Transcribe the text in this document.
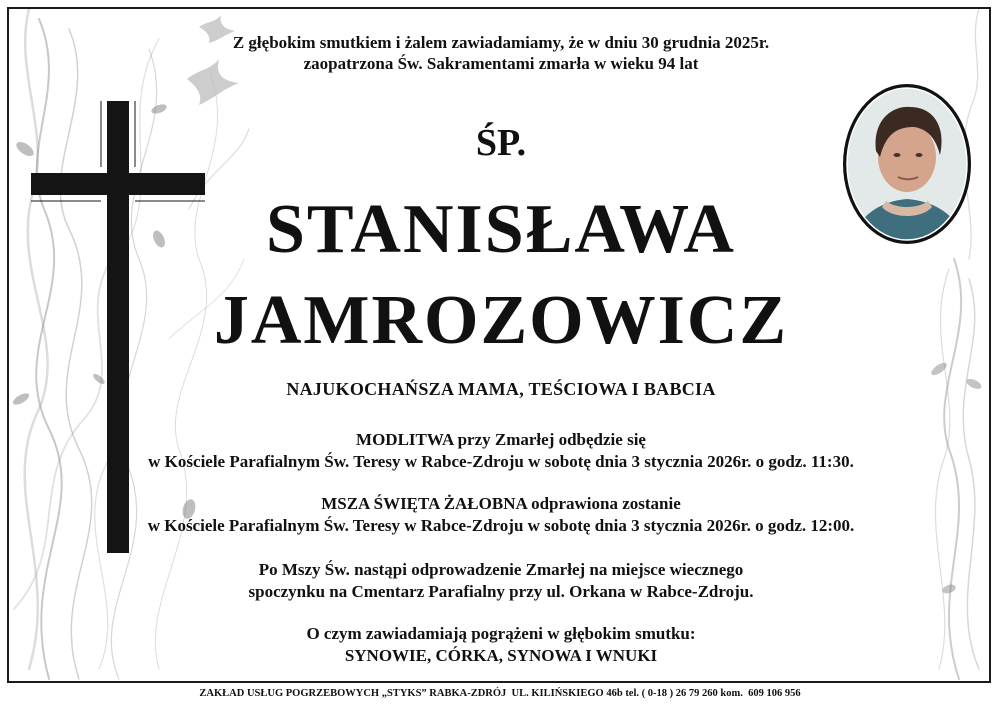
Z głębokim smutkiem i żalem zawiadamiamy, że w dniu 30 grudnia 2025r.
zaopatrzona Św. Sakramentami zmarła w wieku 94 lat
ŚP.
STANISŁAWA
JAMROZOWICZ
NAJUKOCHAŃSZA MAMA, TEŚCIOWA I BABCIA
MODLITWA przy Zmarłej odbędzie się
w Kościele Parafialnym Św. Teresy w Rabce-Zdroju w sobotę dnia 3 stycznia 2026r. o godz. 11:30.
MSZA ŚWIĘTA ŻAŁOBNA odprawiona zostanie
w Kościele Parafialnym Św. Teresy w Rabce-Zdroju w sobotę dnia 3 stycznia 2026r. o godz. 12:00.
Po Mszy Św. nastąpi odprowadzenie Zmarłej na miejsce wiecznego
spoczynku na Cmentarz Parafialny przy ul. Orkana w Rabce-Zdroju.
O czym zawiadamiają pogrążeni w głębokim smutku:
SYNOWIE, CÓRKA, SYNOWA I WNUKI
ZAKŁAD USŁUG POGRZEBOWYCH „STYKS” RABKA-ZDRÓJ  UL. KILIŃSKIEGO 46b tel. ( 0-18 ) 26 79 260 kom.  609 106 956
